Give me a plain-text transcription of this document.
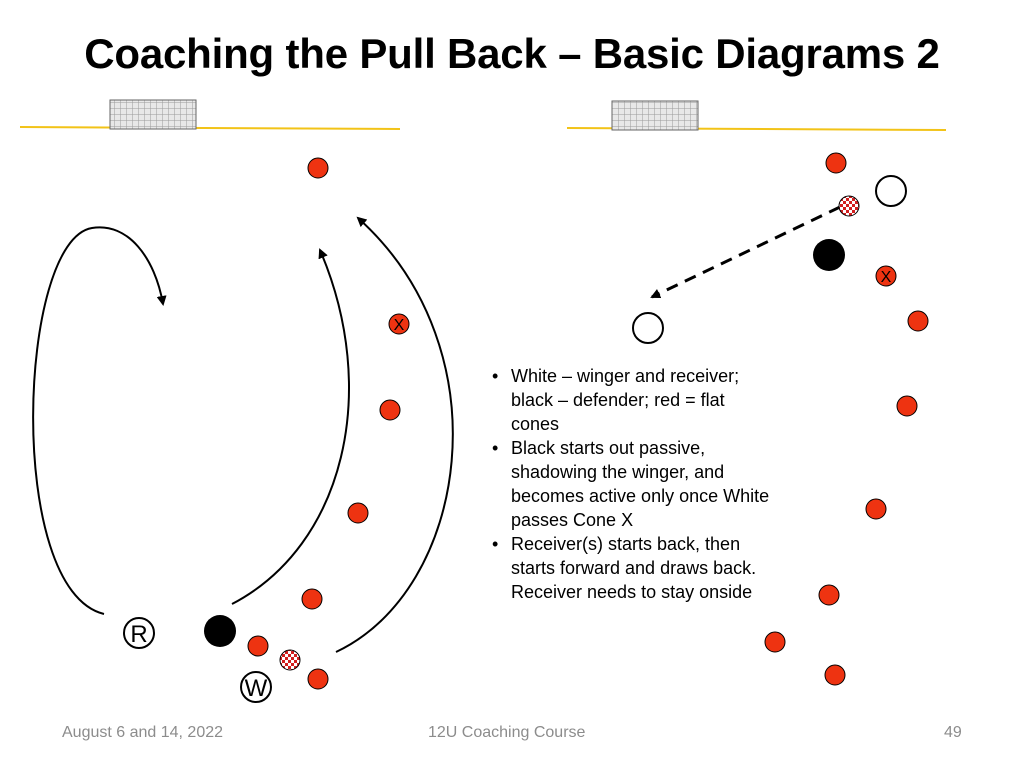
Coaching the Pull Back – Basic Diagrams 2
X
R
W
X
• White – winger and receiver; black – defender; red = flat cones
• Black starts out passive, shadowing the winger, and becomes active only once White passes Cone X
• Receiver(s) starts back, then starts forward and draws back. Receiver needs to stay onside
August 6 and 14, 2022	12U Coaching Course	49
